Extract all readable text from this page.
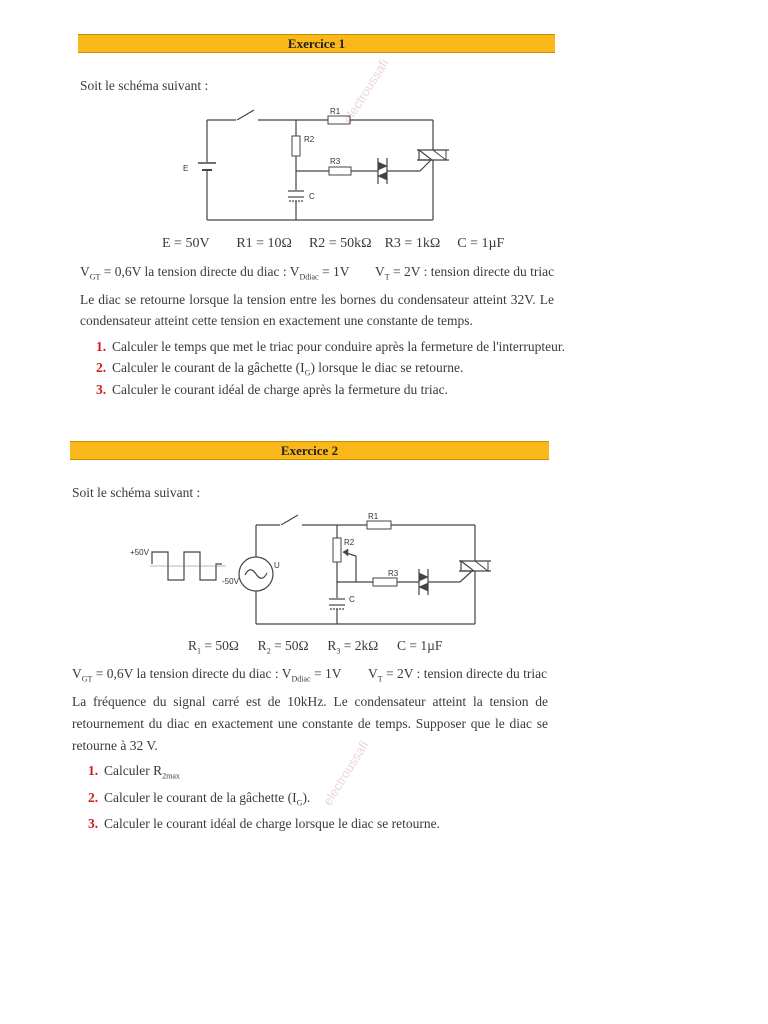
Exercice 1
Soit le schéma suivant :	electroussafi
E
R1
R2
R3
C
E = 50V R1 = 10Ω R2 = 50kΩ R3 = 1kΩ C = 1µF
$V_{GT} = 0,6V$ la tension directe du diac : $V_{Ddiac} = 1V$ $V_T = 2V$ : tension directe du triac
Le diac se retourne lorsque la tension entre les bornes du condensateur atteint 32V. Le
condensateur atteint cette tension en exactement une constante de temps.
1. Calculer le temps que met le triac pour conduire après la fermeture de l'interrupteur.
2. Calculer le courant de la gâchette $(I_G)$ lorsque le diac se retourne.
3. Calculer le courant idéal de charge après la fermeture du triac.
Exercice 2
Soit le schéma suivant :
electroussafi
+50V
-50V
U
R1
R2
R3
C
$R_1 = 50\Omega$ $R_2 = 50\Omega$ $R_3 = 2k\Omega$ C = 1µF
$V_{GT} = 0,6V$ la tension directe du diac : $V_{Ddiac} = 1V$ $V_T = 2V$ : tension directe du triac
La fréquence du signal carré est de 10kHz. Le condensateur atteint la tension de
retournement du diac en exactement une constante de temps. Supposer que le diac se
retourne à 32 V.
1. Calculer $R_{2max}$
2. Calculer le courant de la gâchette $(I_G)$.
3. Calculer le courant idéal de charge lorsque le diac se retourne.
